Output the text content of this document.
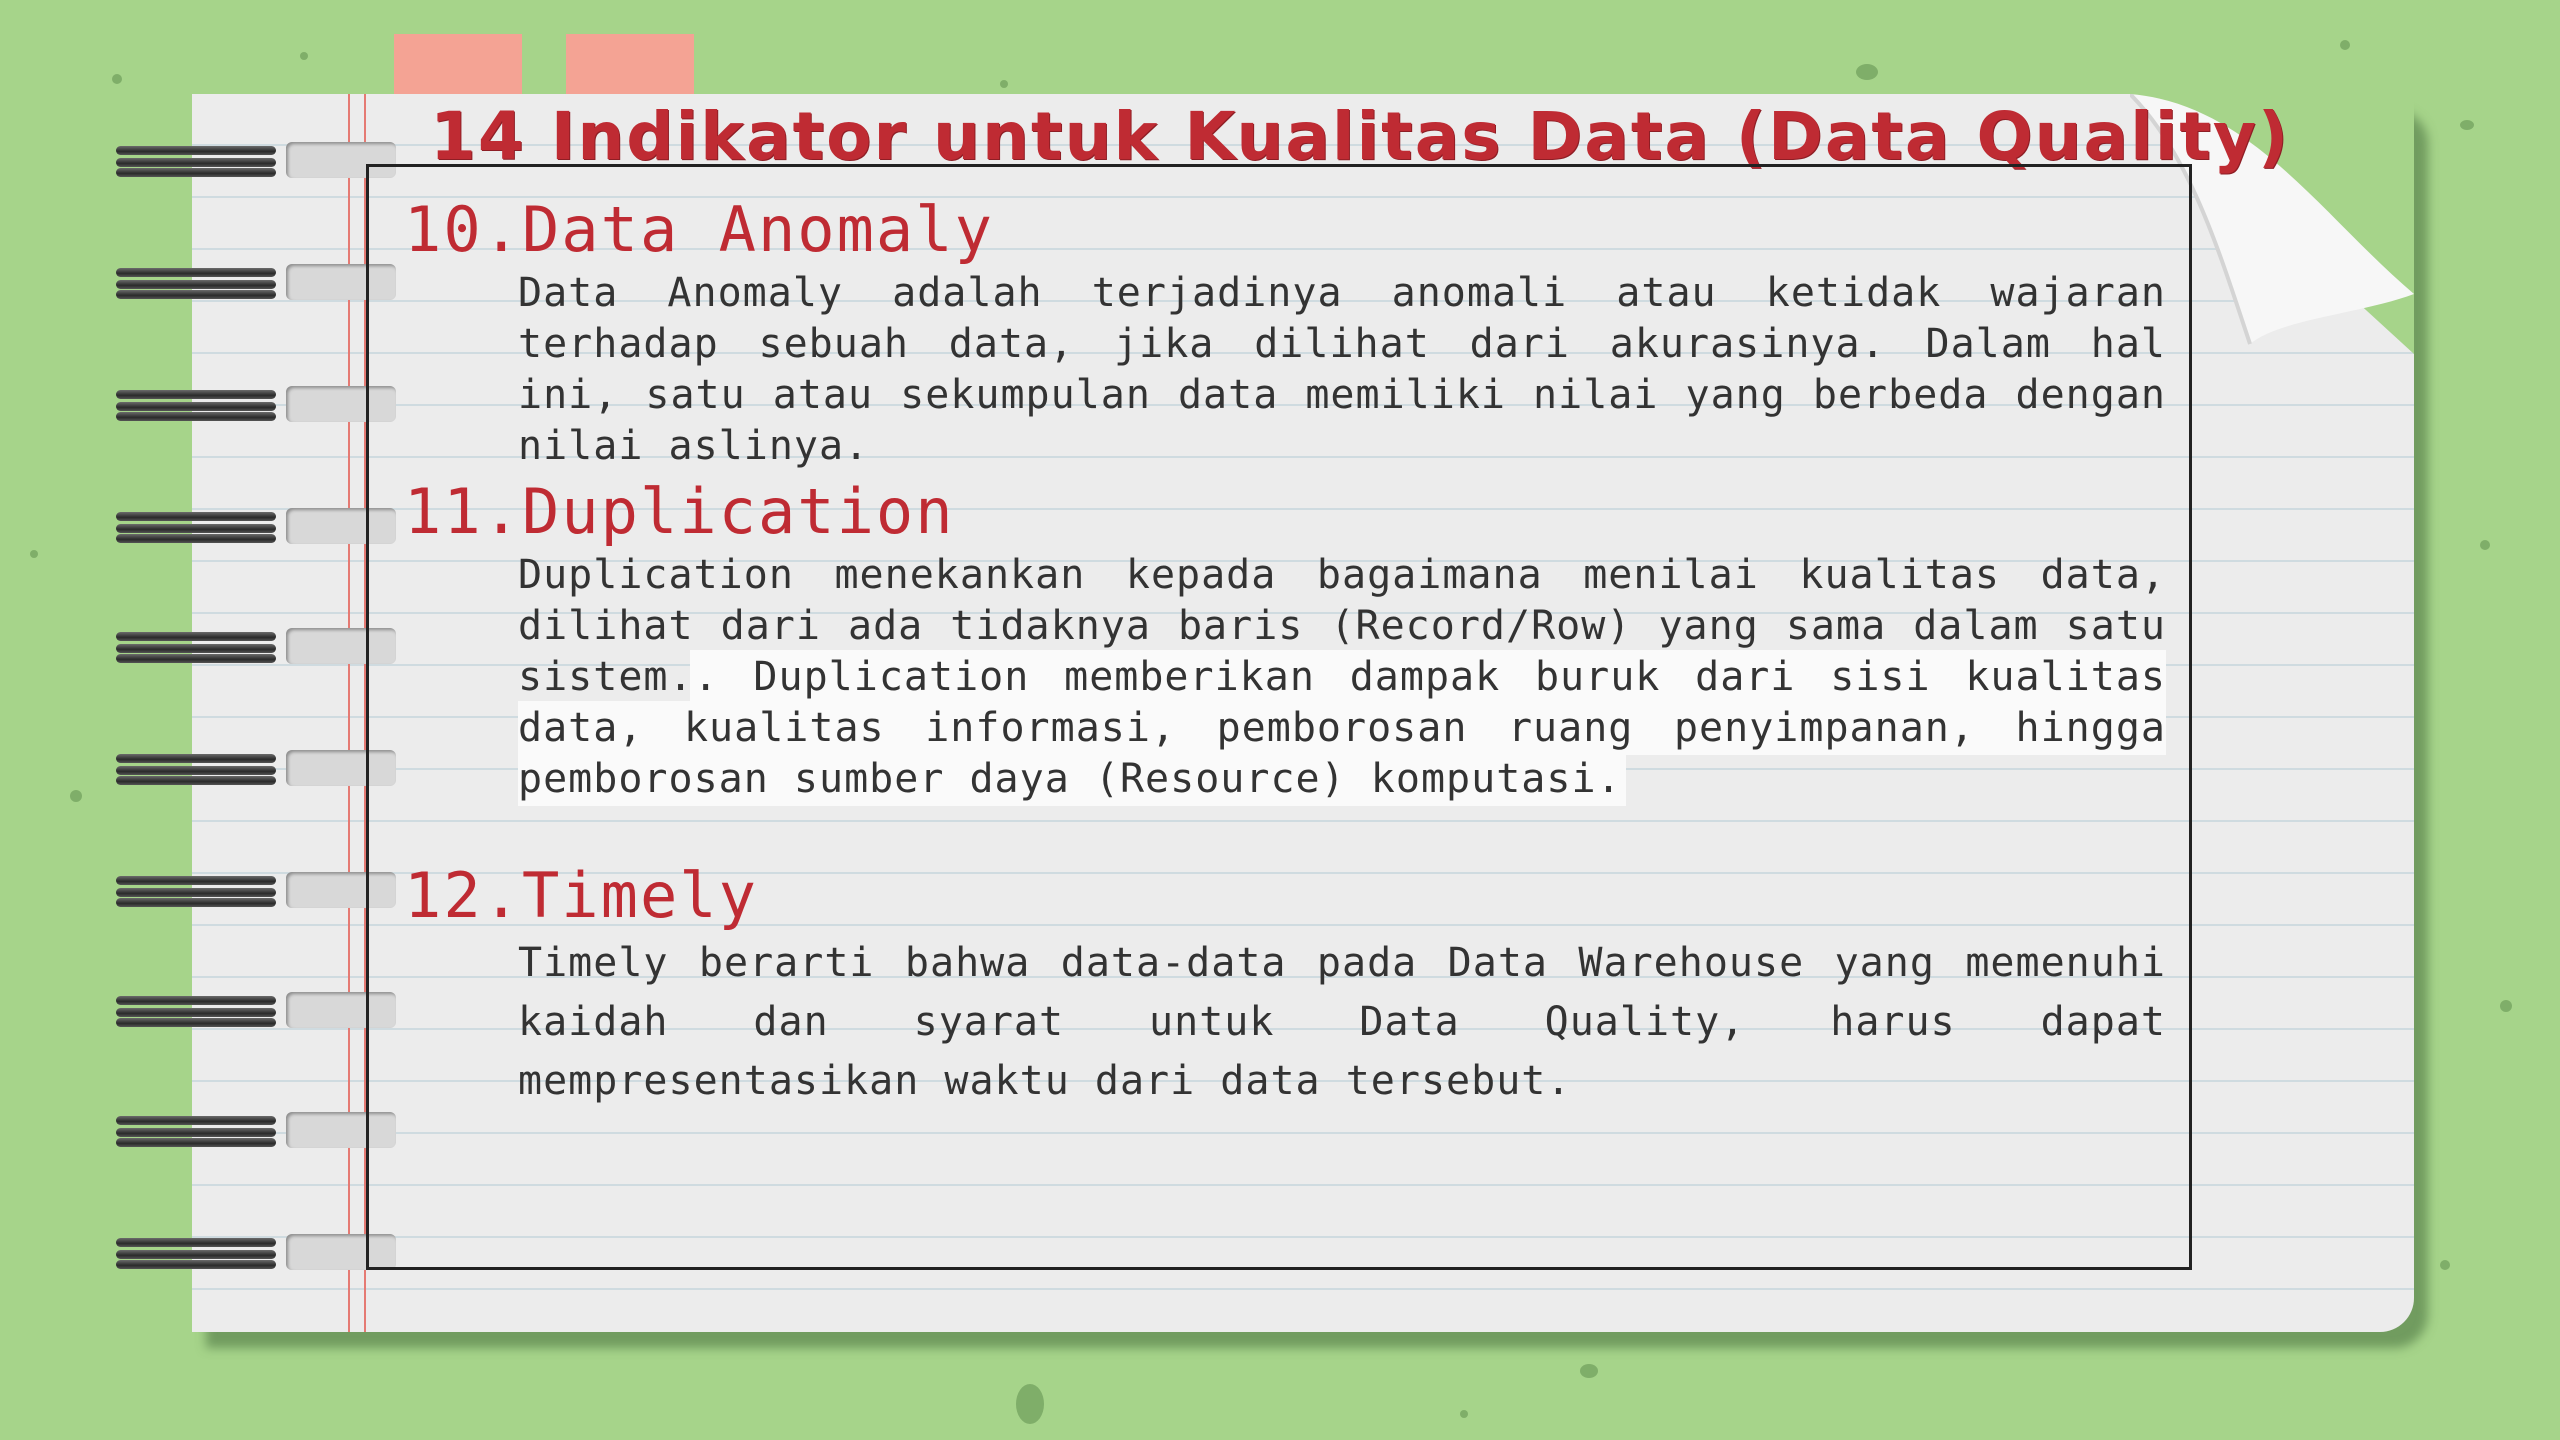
14 Indikator untuk Kualitas Data (Data Quality)
10.Data Anomaly

Data Anomaly adalah terjadinya anomali atau ketidak wajaran terhadap sebuah data, jika dilihat dari akurasinya. Dalam hal ini, satu atau sekumpulan data memiliki nilai yang berbeda dengan nilai aslinya.

11.Duplication

Duplication menekankan kepada bagaimana menilai kualitas data, dilihat dari ada tidaknya baris (Record/Row) yang sama dalam satu sistem.. Duplication memberikan dampak buruk dari sisi kualitas data, kualitas informasi, pemborosan ruang penyimpanan, hingga pemborosan sumber daya (Resource) komputasi.

12.Timely

Timely berarti bahwa data-data pada Data Warehouse yang memenuhi kaidah dan syarat untuk Data Quality, harus dapat mempresentasikan waktu dari data tersebut.
